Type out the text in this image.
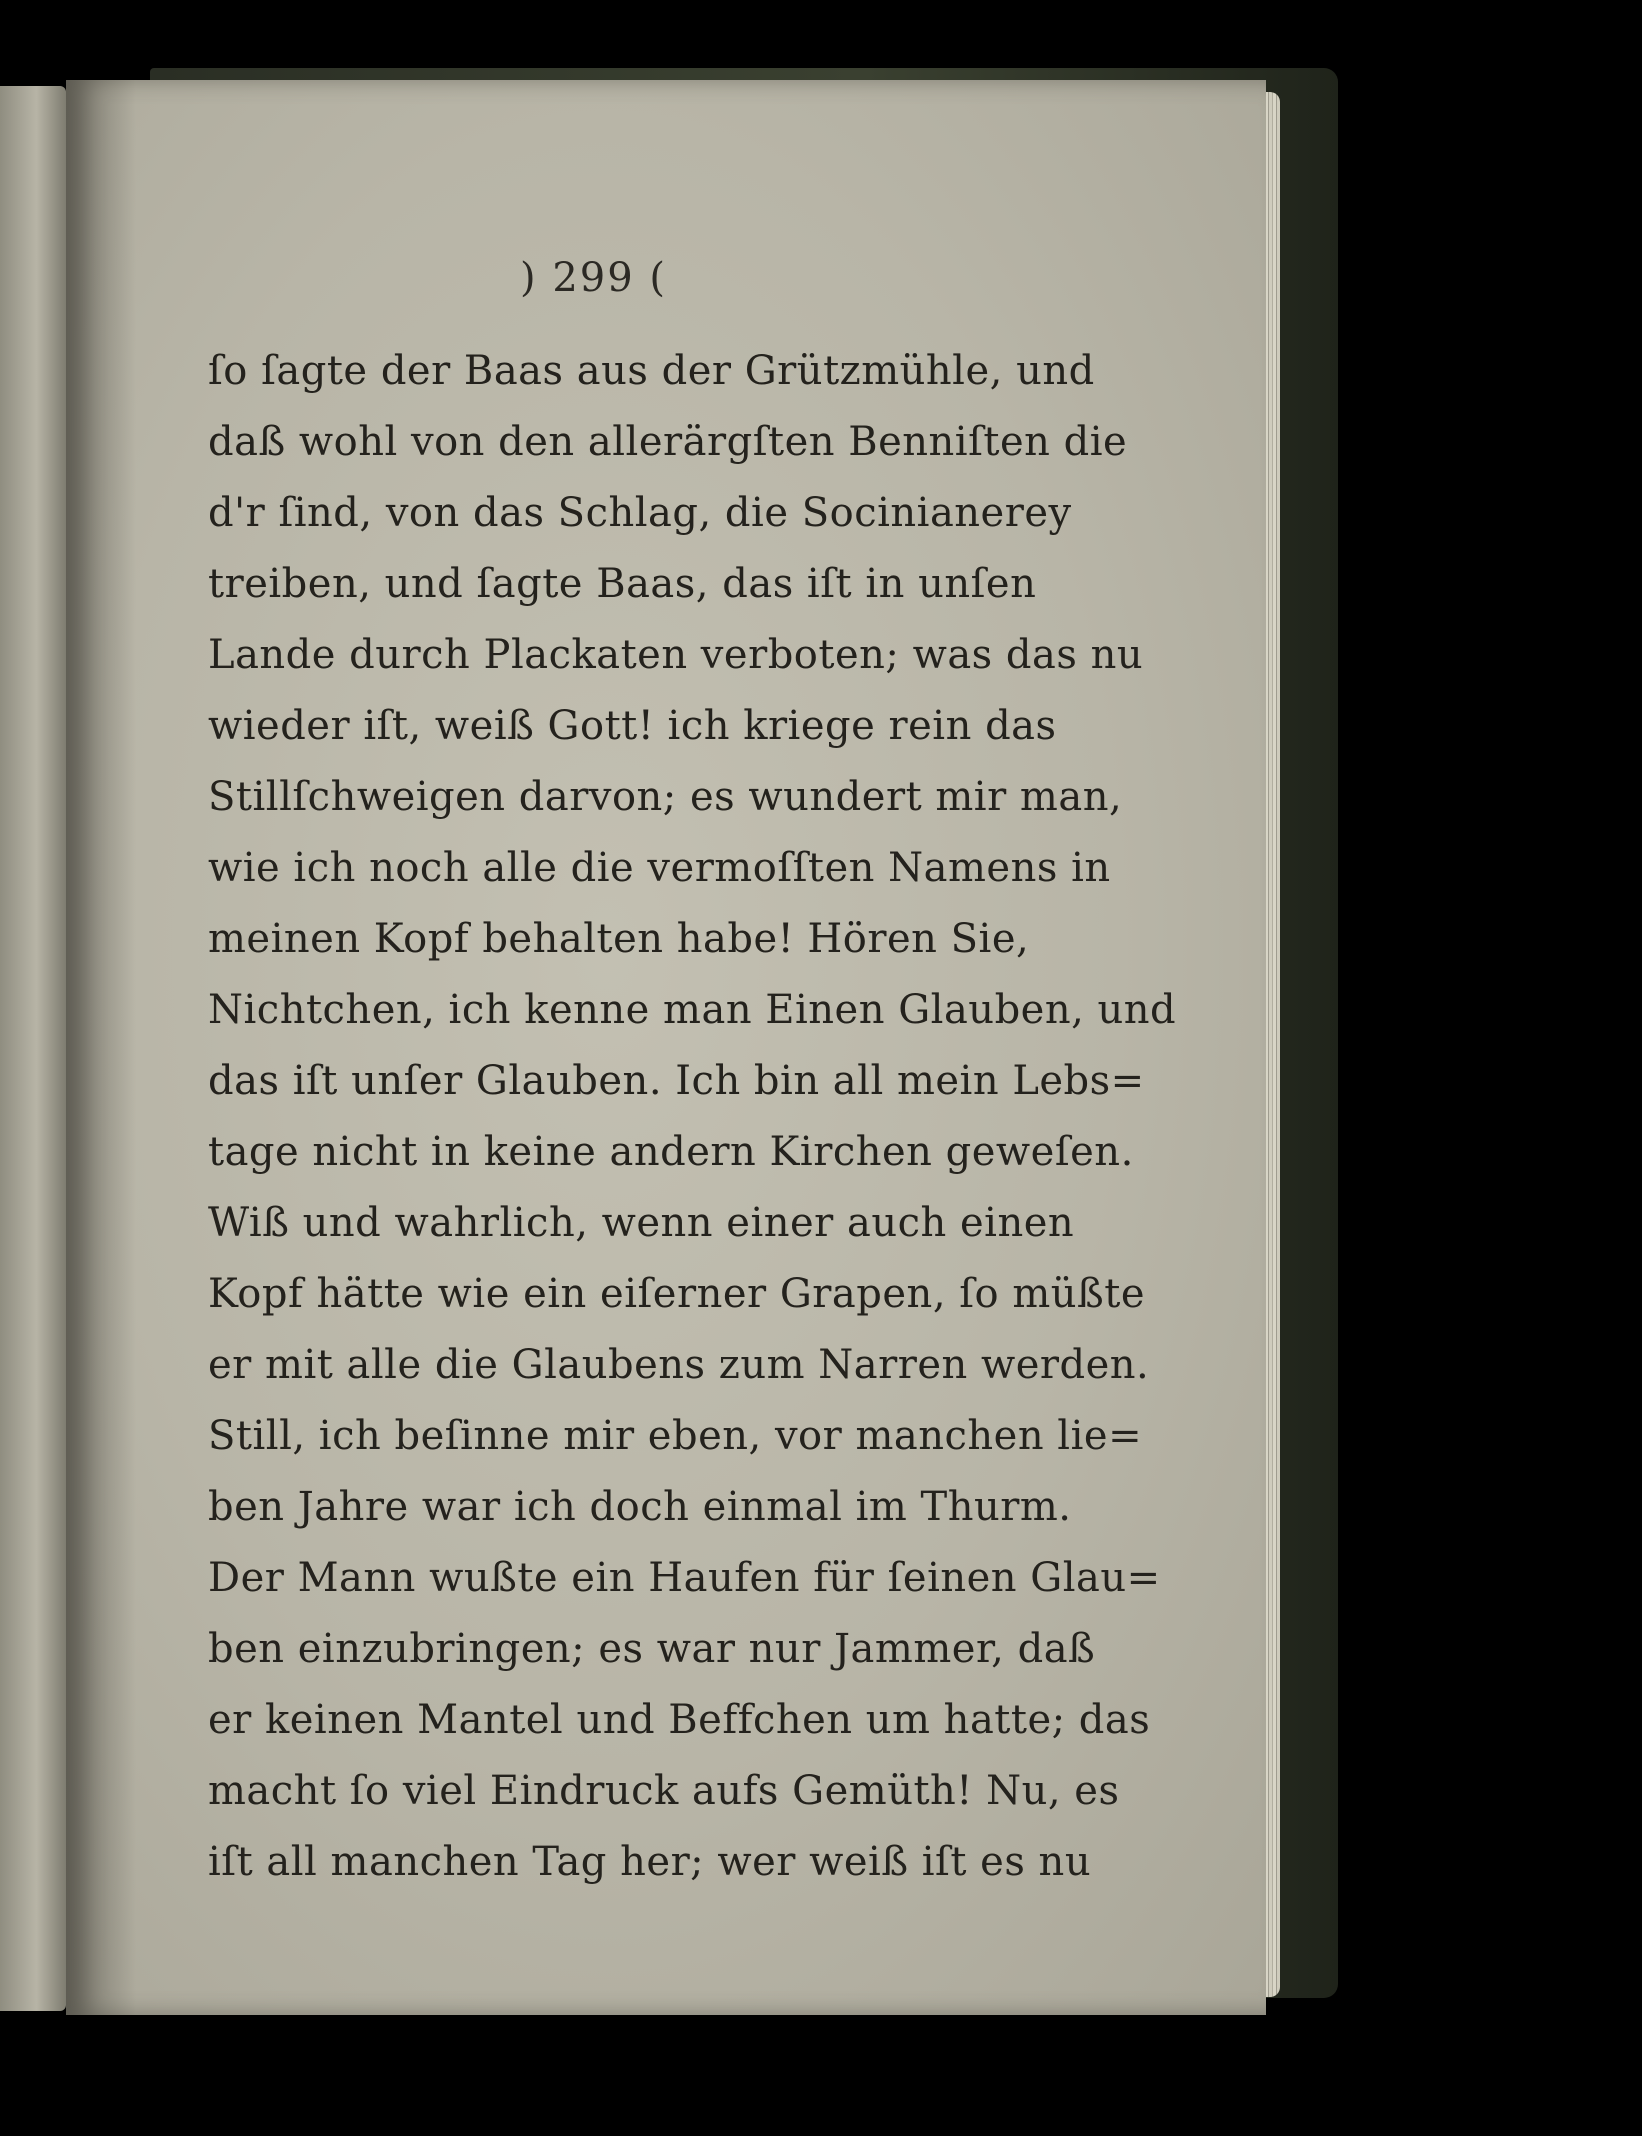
) 299 (
ſo ſagte der Baas aus der Grützmühle, und
daß wohl von den allerärgſten Benniſten die
d'r ſind, von das Schlag, die Socinianerey
treiben, und ſagte Baas, das iſt in unſen
Lande durch Plackaten verboten; was das nu
wieder iſt, weiß Gott! ich kriege rein das
Stillſchweigen darvon; es wundert mir man,
wie ich noch alle die vermoſſten Namens in
meinen Kopf behalten habe! Hören Sie,
Nichtchen, ich kenne man Einen Glauben, und
das iſt unſer Glauben. Ich bin all mein Lebs=
tage nicht in keine andern Kirchen geweſen.
Wiß und wahrlich, wenn einer auch einen
Kopf hätte wie ein eiſerner Grapen, ſo müßte
er mit alle die Glaubens zum Narren werden.
Still, ich beſinne mir eben, vor manchen lie=
ben Jahre war ich doch einmal im Thurm.
Der Mann wußte ein Haufen für ſeinen Glau=
ben einzubringen; es war nur Jammer, daß
er keinen Mantel und Beffchen um hatte; das
macht ſo viel Eindruck aufs Gemüth! Nu, es
iſt all manchen Tag her; wer weiß iſt es nu
